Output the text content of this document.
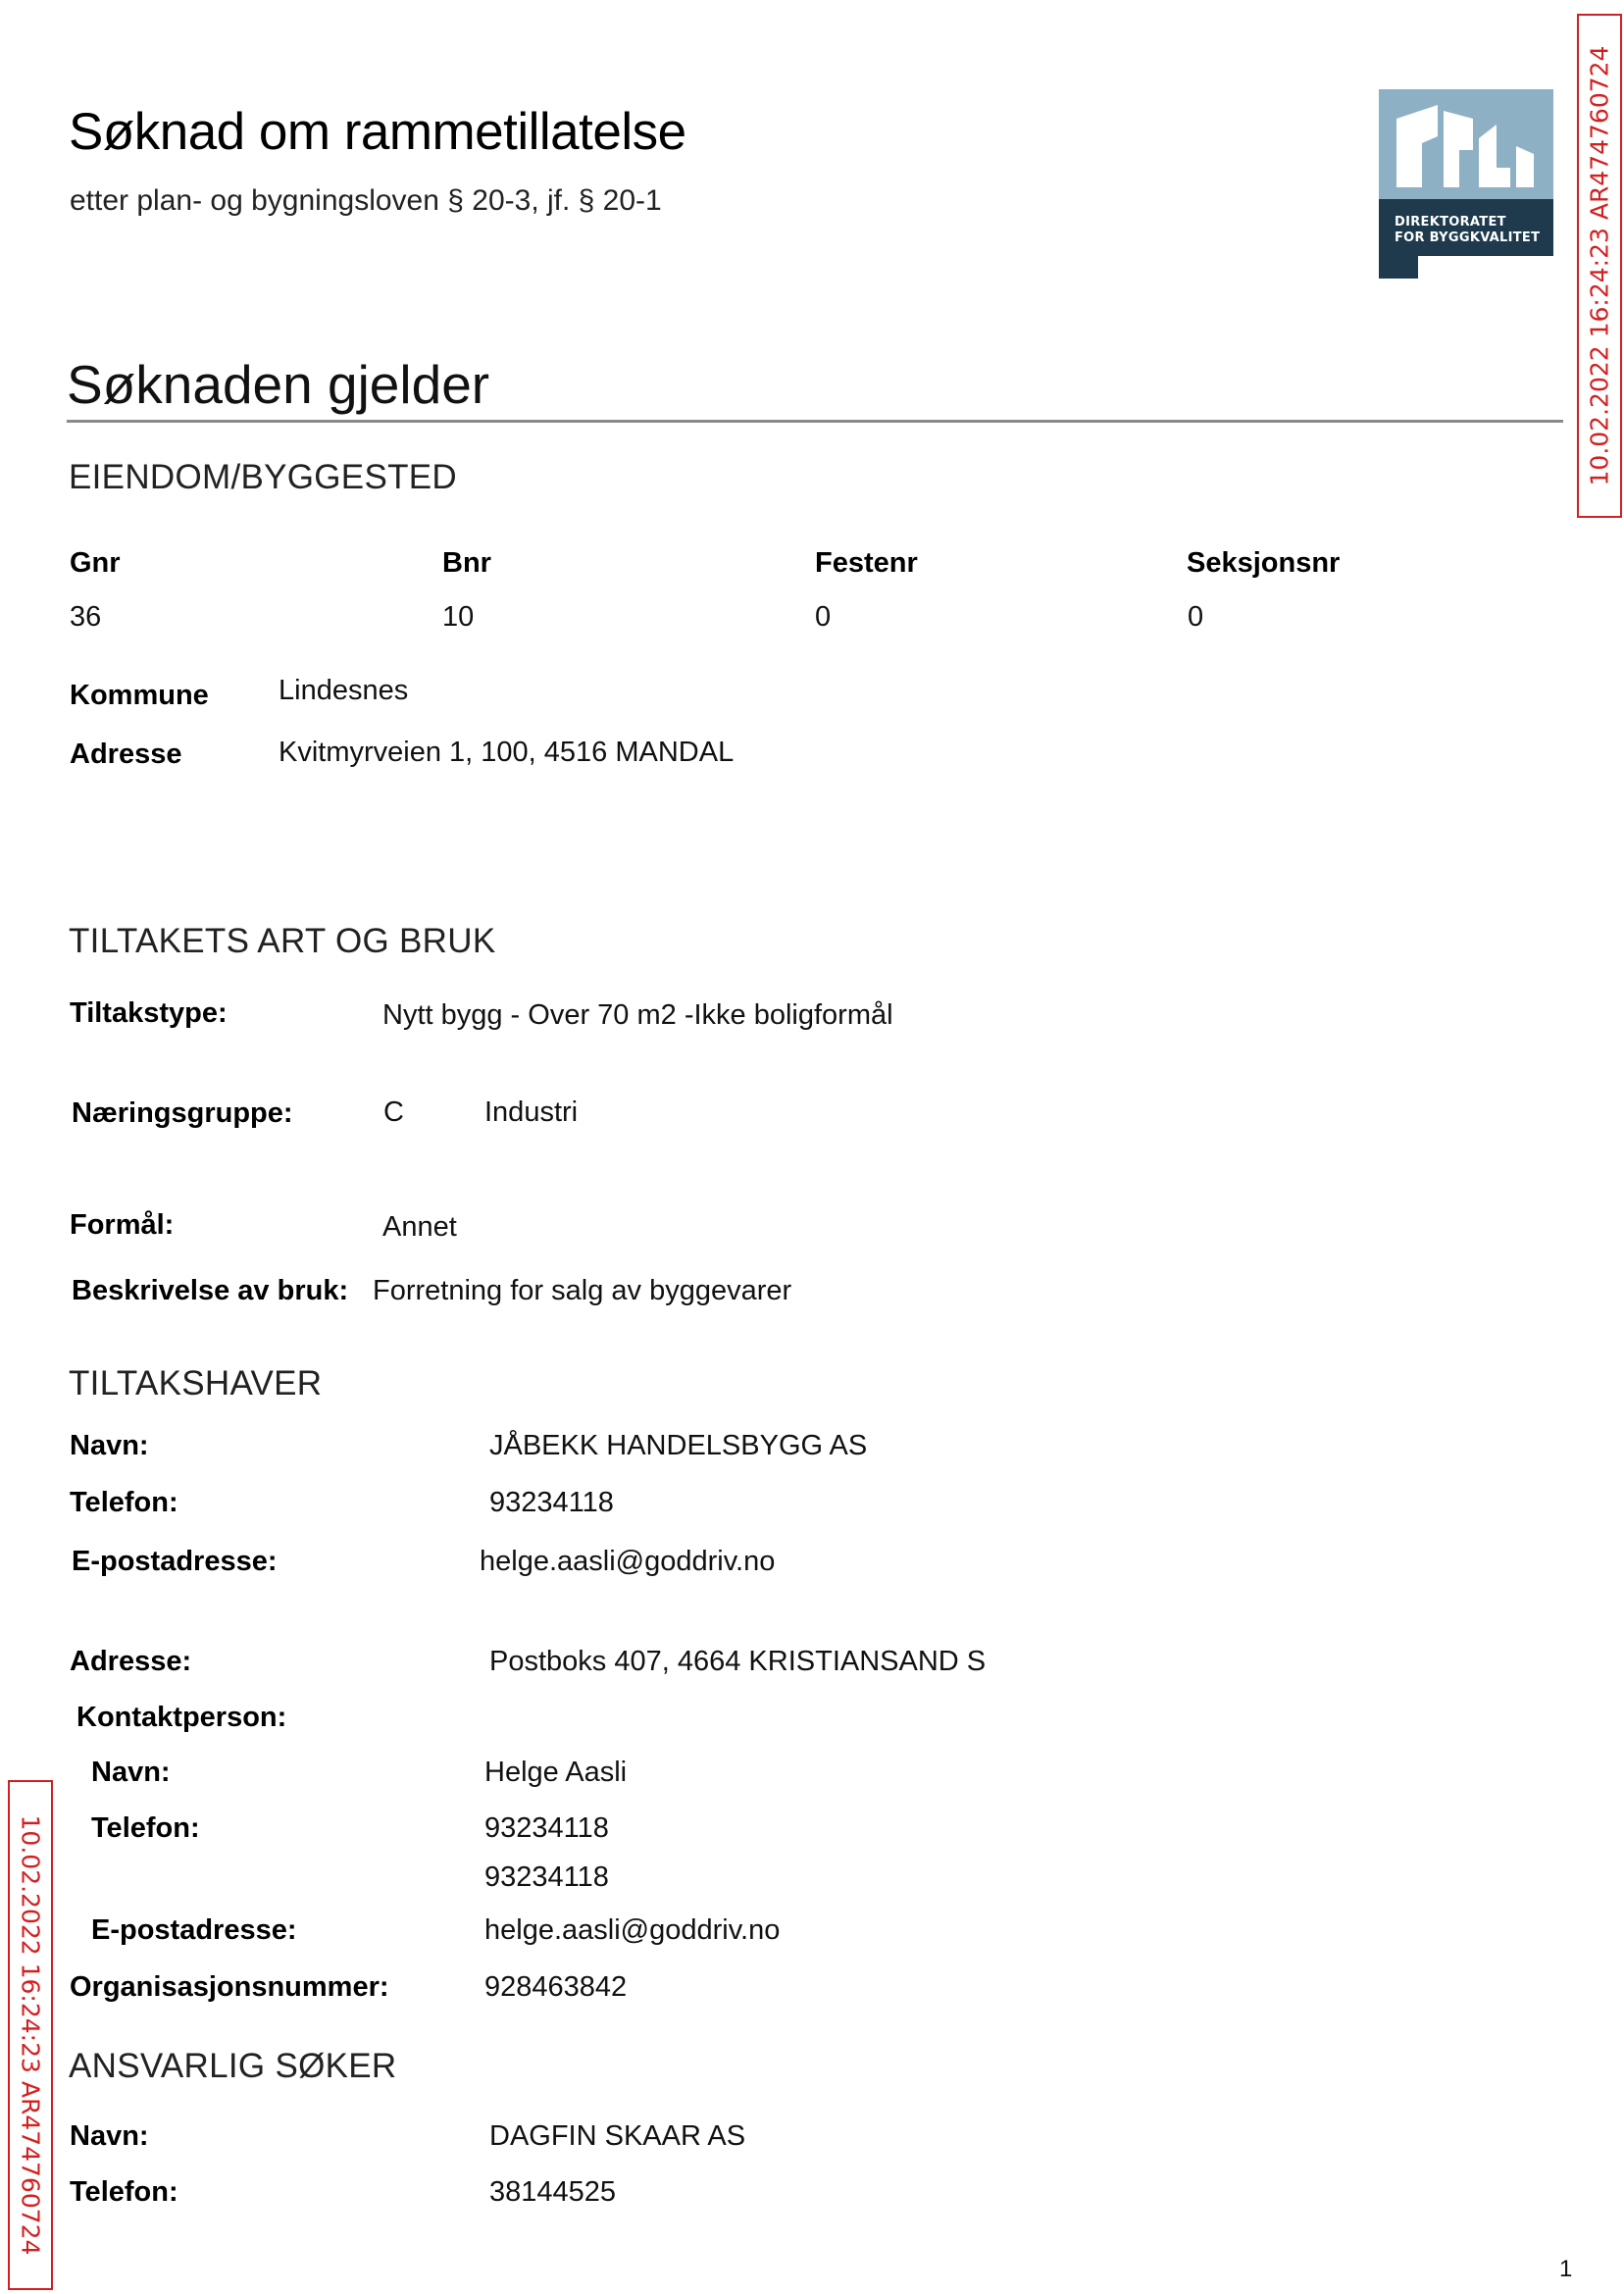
Søknad om rammetillatelse
etter plan- og bygningsloven § 20-3, jf. § 20-1
DIREKTORATET
FOR BYGGKVALITET 10.02.2022 16:24:23 AR474760724
10.02.2022 16:24:23 AR474760724
Søknaden gjelder
EIENDOM/BYGGESTED
Gnr	Bnr	Festenr	Seksjonsnr
36	10	0	0
Kommune Lindesnes
Adresse	Kvitmyrveien 1, 100, 4516 MANDAL
TILTAKETS ART OG BRUK
Tiltakstype:	Nytt bygg - Over 70 m2 -Ikke boligformål
Næringsgruppe:	C	Industri
Formål:	Annet
Beskrivelse av bruk: Forretning for salg av byggevarer
TILTAKSHAVER
Navn:	JÅBEKK HANDELSBYGG AS
Telefon:	93234118
E-postadresse:	helge.aasli@goddriv.no
Adresse:	Postboks 407, 4664 KRISTIANSAND S
Kontaktperson:
Navn:	Helge Aasli
Telefon:	93234118
93234118
E-postadresse:	helge.aasli@goddriv.no
Organisasjonsnummer:	928463842
ANSVARLIG SØKER
Navn:	DAGFIN SKAAR AS
Telefon:	38144525
1
